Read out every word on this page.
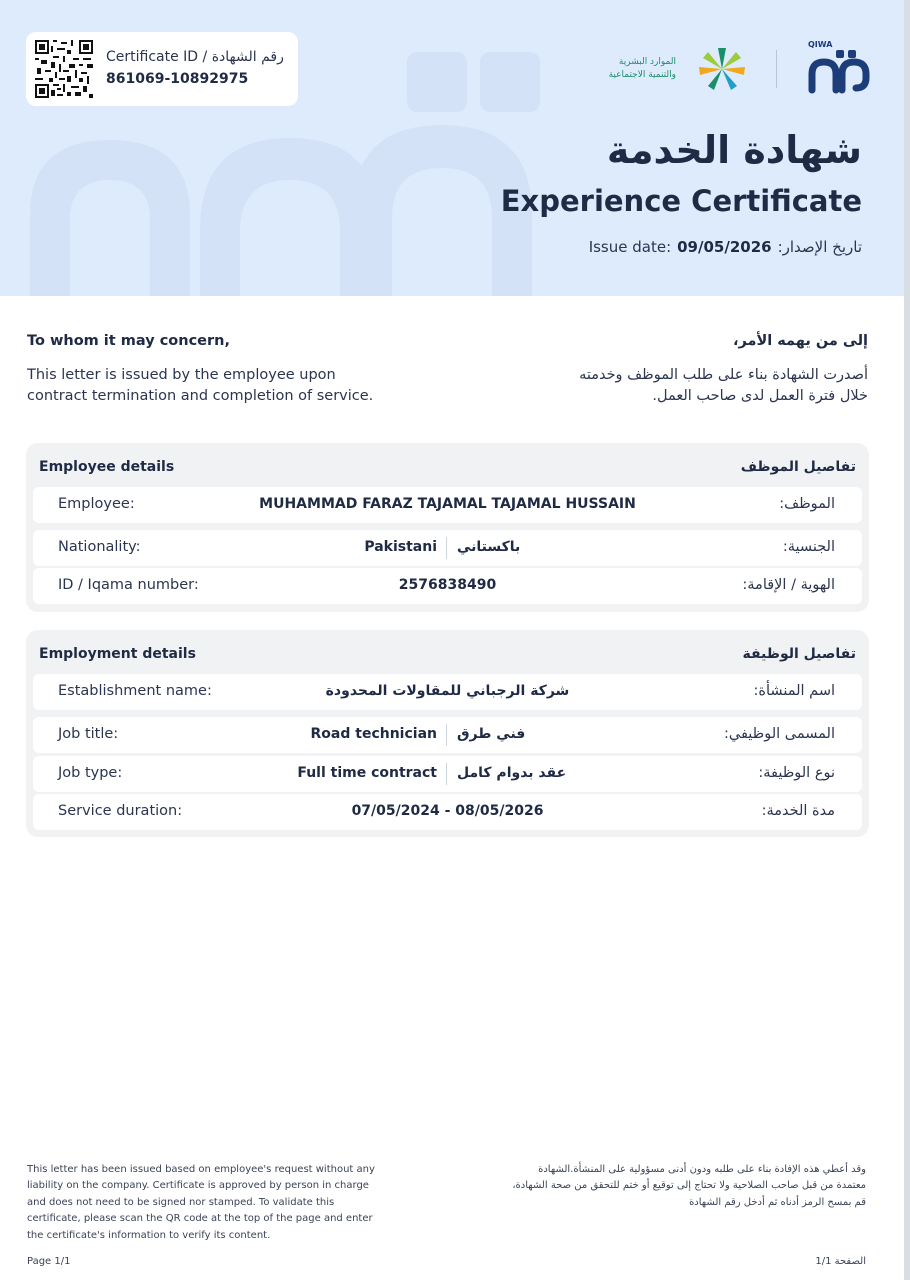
Certificate ID / رقم الشهادة
861069-10892975
الموارد البشرية
والتنمية الاجتماعية
QIWA
شهادة الخدمة
Experience Certificate
Issue date: 09/05/2026 تاريخ الإصدار:
To whom it may concern,	إلى من يهمه الأمر،
This letter is issued by the employee upon contract termination and completion of service.
أصدرت الشهادة بناء على طلب الموظف وخدمته خلال فترة العمل لدى صاحب العمل.
Employee details	تفاصيل الموظف
Employee:	MUHAMMAD FARAZ TAJAMAL TAJAMAL HUSSAIN	الموظف:
Nationality:	Pakistani باكستاني	الجنسية:
ID / Iqama number:	2576838490	الهوية / الإقامة:
Employment details	تفاصيل الوظيفة
Establishment name:	شركة الرجباني للمقاولات المحدودة	اسم المنشأة:
Job title:	Road technician فني طرق	المسمى الوظيفي:
Job type:	Full time contract عقد بدوام كامل	نوع الوظيفة:
Service duration:	07/05/2024 - 08/05/2026	مدة الخدمة:
This letter has been issued based on employee's request without any liability on the company. Certificate is approved by person in charge and does not need to be signed nor stamped. To validate this certificate, please scan the QR code at the top of the page and enter the certificate's information to verify its content.
وقد أعطي هذه الإفادة بناء على طلبه ودون أدنى مسؤولية على المنشأة.الشهادة معتمدة من قبل صاحب الصلاحية ولا تحتاج إلى توقيع أو ختم للتحقق من صحة الشهادة، قم بمسح الرمز أدناه ثم أدخل رقم الشهادة
Page 1/1	الصفحة 1/1
